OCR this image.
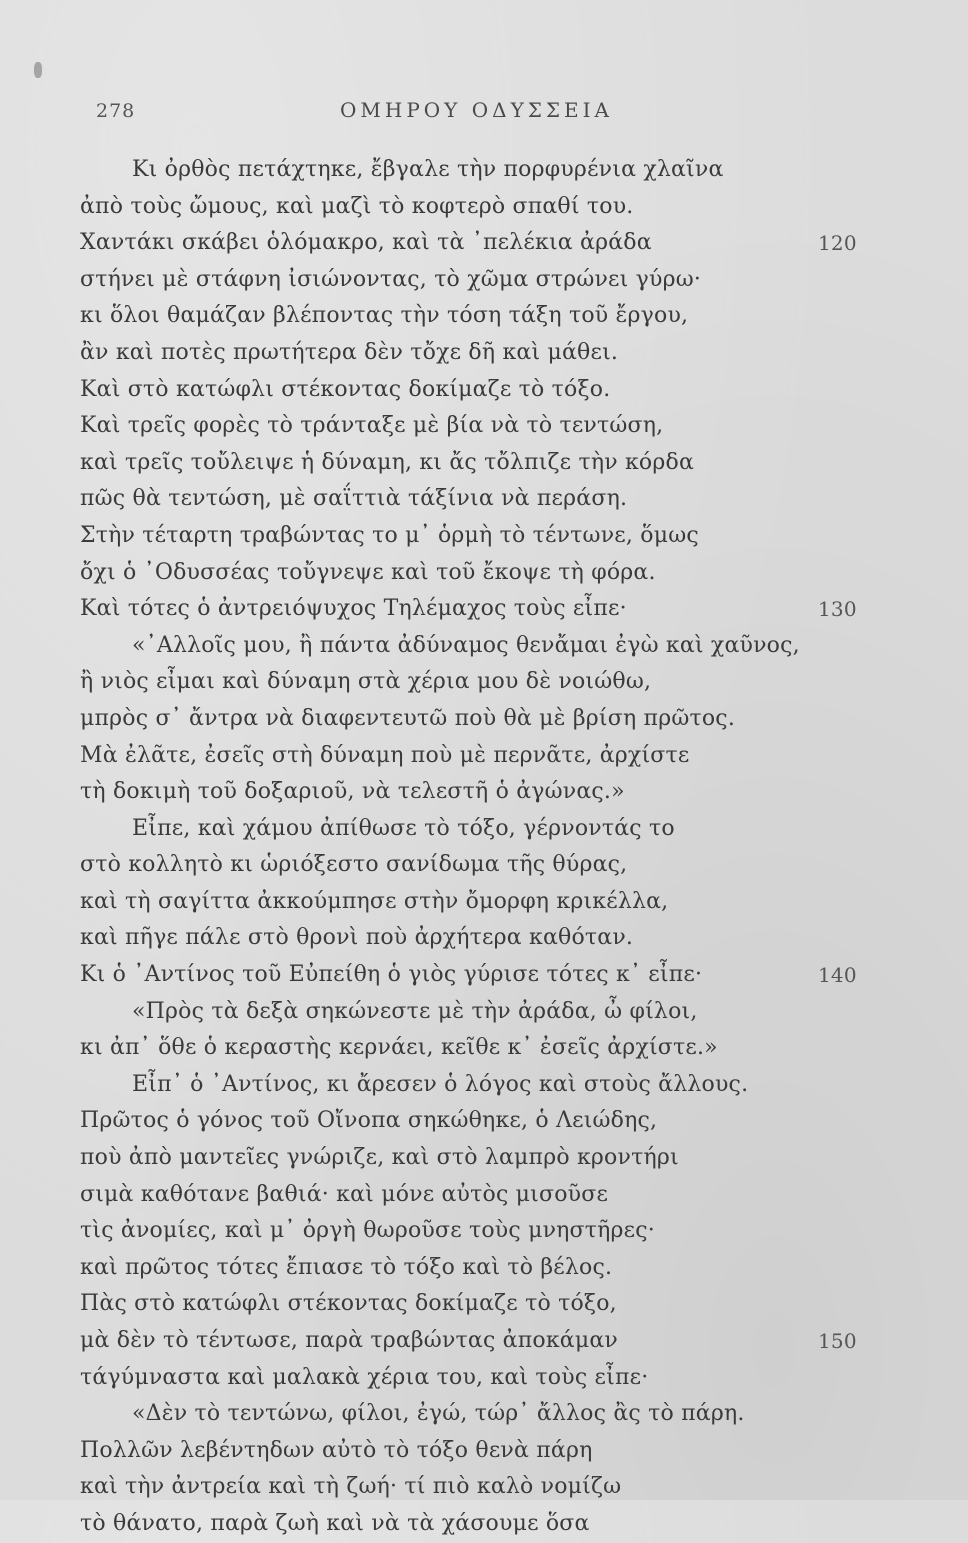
278	ΟΜΗΡΟΥ ΟΔΥΣΣΕΙΑ
Κι ὀρθὸς πετάχτηκε, ἔβγαλε τὴν πορφυρένια χλαῖνα
ἀπὸ τοὺς ὤμους, καὶ μαζὶ τὸ κοφτερὸ σπαθί του.
Χαντάκι σκάβει ὁλόμακρο, καὶ τὰ ᾿πελέκια ἀράδα	120
στήνει μὲ στάφνη ἰσιώνοντας, τὸ χῶμα στρώνει γύρω·
κι ὅλοι θαμάζαν βλέποντας τὴν τόση τάξη τοῦ ἔργου,
ἂν καὶ ποτὲς πρωτήτερα δὲν τὄχε δῆ καὶ μάθει.
Καὶ στὸ κατώφλι στέκοντας δοκίμαζε τὸ τόξο.
Καὶ τρεῖς φορὲς τὸ τράνταξε μὲ βία νὰ τὸ τεντώση,
καὶ τρεῖς τοὔλειψε ἡ δύναμη, κι ἄς τὄλπιζε τὴν κόρδα
πῶς θὰ τεντώση, μὲ σαΐττιὰ τάξίνια νὰ περάση.
Στὴν τέταρτη τραβώντας το μ᾿ ὁρμὴ τὸ τέντωνε, ὅμως
ὄχι ὁ ᾿Οδυσσέας τοὔγνεψε καὶ τοῦ ἔκοψε τὴ φόρα.
Καὶ τότες ὁ ἀντρειόψυχος Τηλέμαχος τοὺς εἶπε·	130
«᾿Αλλοῖς μου, ἢ πάντα ἀδύναμος θενἄμαι ἐγὼ καὶ χαῦνος,
ἢ νιὸς εἶμαι καὶ δύναμη στὰ χέρια μου δὲ νοιώθω,
μπρὸς σ᾿ ἄντρα νὰ διαφεντευτῶ ποὺ θὰ μὲ βρίση πρῶτος.
Μὰ ἐλᾶτε, ἐσεῖς στὴ δύναμη ποὺ μὲ περνᾶτε, ἀρχίστε
τὴ δοκιμὴ τοῦ δοξαριοῦ, νὰ τελεστῆ ὁ ἀγώνας.»
Εἶπε, καὶ χάμου ἀπίθωσε τὸ τόξο, γέρνοντάς το
στὸ κολλητὸ κι ὡριόξεστο σανίδωμα τῆς θύρας,
καὶ τὴ σαγίττα ἀκκούμπησε στὴν ὄμορφη κρικέλλα,
καὶ πῆγε πάλε στὸ θρονὶ ποὺ ἀρχήτερα καθόταν.
Κι ὁ ᾿Αντίνος τοῦ Εὐπείθη ὁ γιὸς γύρισε τότες κ᾿ εἶπε·	140
«Πρὸς τὰ δεξὰ σηκώνεστε μὲ τὴν ἀράδα, ὦ φίλοι,
κι ἀπ᾿ ὅθε ὁ κεραστὴς κερνάει, κεῖθε κ᾿ ἐσεῖς ἀρχίστε.»
Εἶπ᾿ ὁ ᾿Αντίνος, κι ἄρεσεν ὁ λόγος καὶ στοὺς ἄλλους.
Πρῶτος ὁ γόνος τοῦ Οἴνοπα σηκώθηκε, ὁ Λειώδης,
ποὺ ἀπὸ μαντεῖες γνώριζε, καὶ στὸ λαμπρὸ κροντήρι
σιμὰ καθότανε βαθιά· καὶ μόνε αὐτὸς μισοῦσε
τὶς ἀνομίες, καὶ μ᾿ ὀργὴ θωροῦσε τοὺς μνηστῆρες·
καὶ πρῶτος τότες ἔπιασε τὸ τόξο καὶ τὸ βέλος.
Πὰς στὸ κατώφλι στέκοντας δοκίμαζε τὸ τόξο,
μὰ δὲν τὸ τέντωσε, παρὰ τραβώντας ἀποκάμαν	150
τάγύμναστα καὶ μαλακὰ χέρια του, καὶ τοὺς εἶπε·
«Δὲν τὸ τεντώνω, φίλοι, ἐγώ, τώρ᾿ ἄλλος ἂς τὸ πάρη.
Πολλῶν λεβέντηδων αὐτὸ τὸ τόξο θενὰ πάρη
καὶ τὴν ἀντρεία καὶ τὴ ζωή· τί πιὸ καλὸ νομίζω
τὸ θάνατο, παρὰ ζωὴ καὶ νὰ τὰ χάσουμε ὅσα
